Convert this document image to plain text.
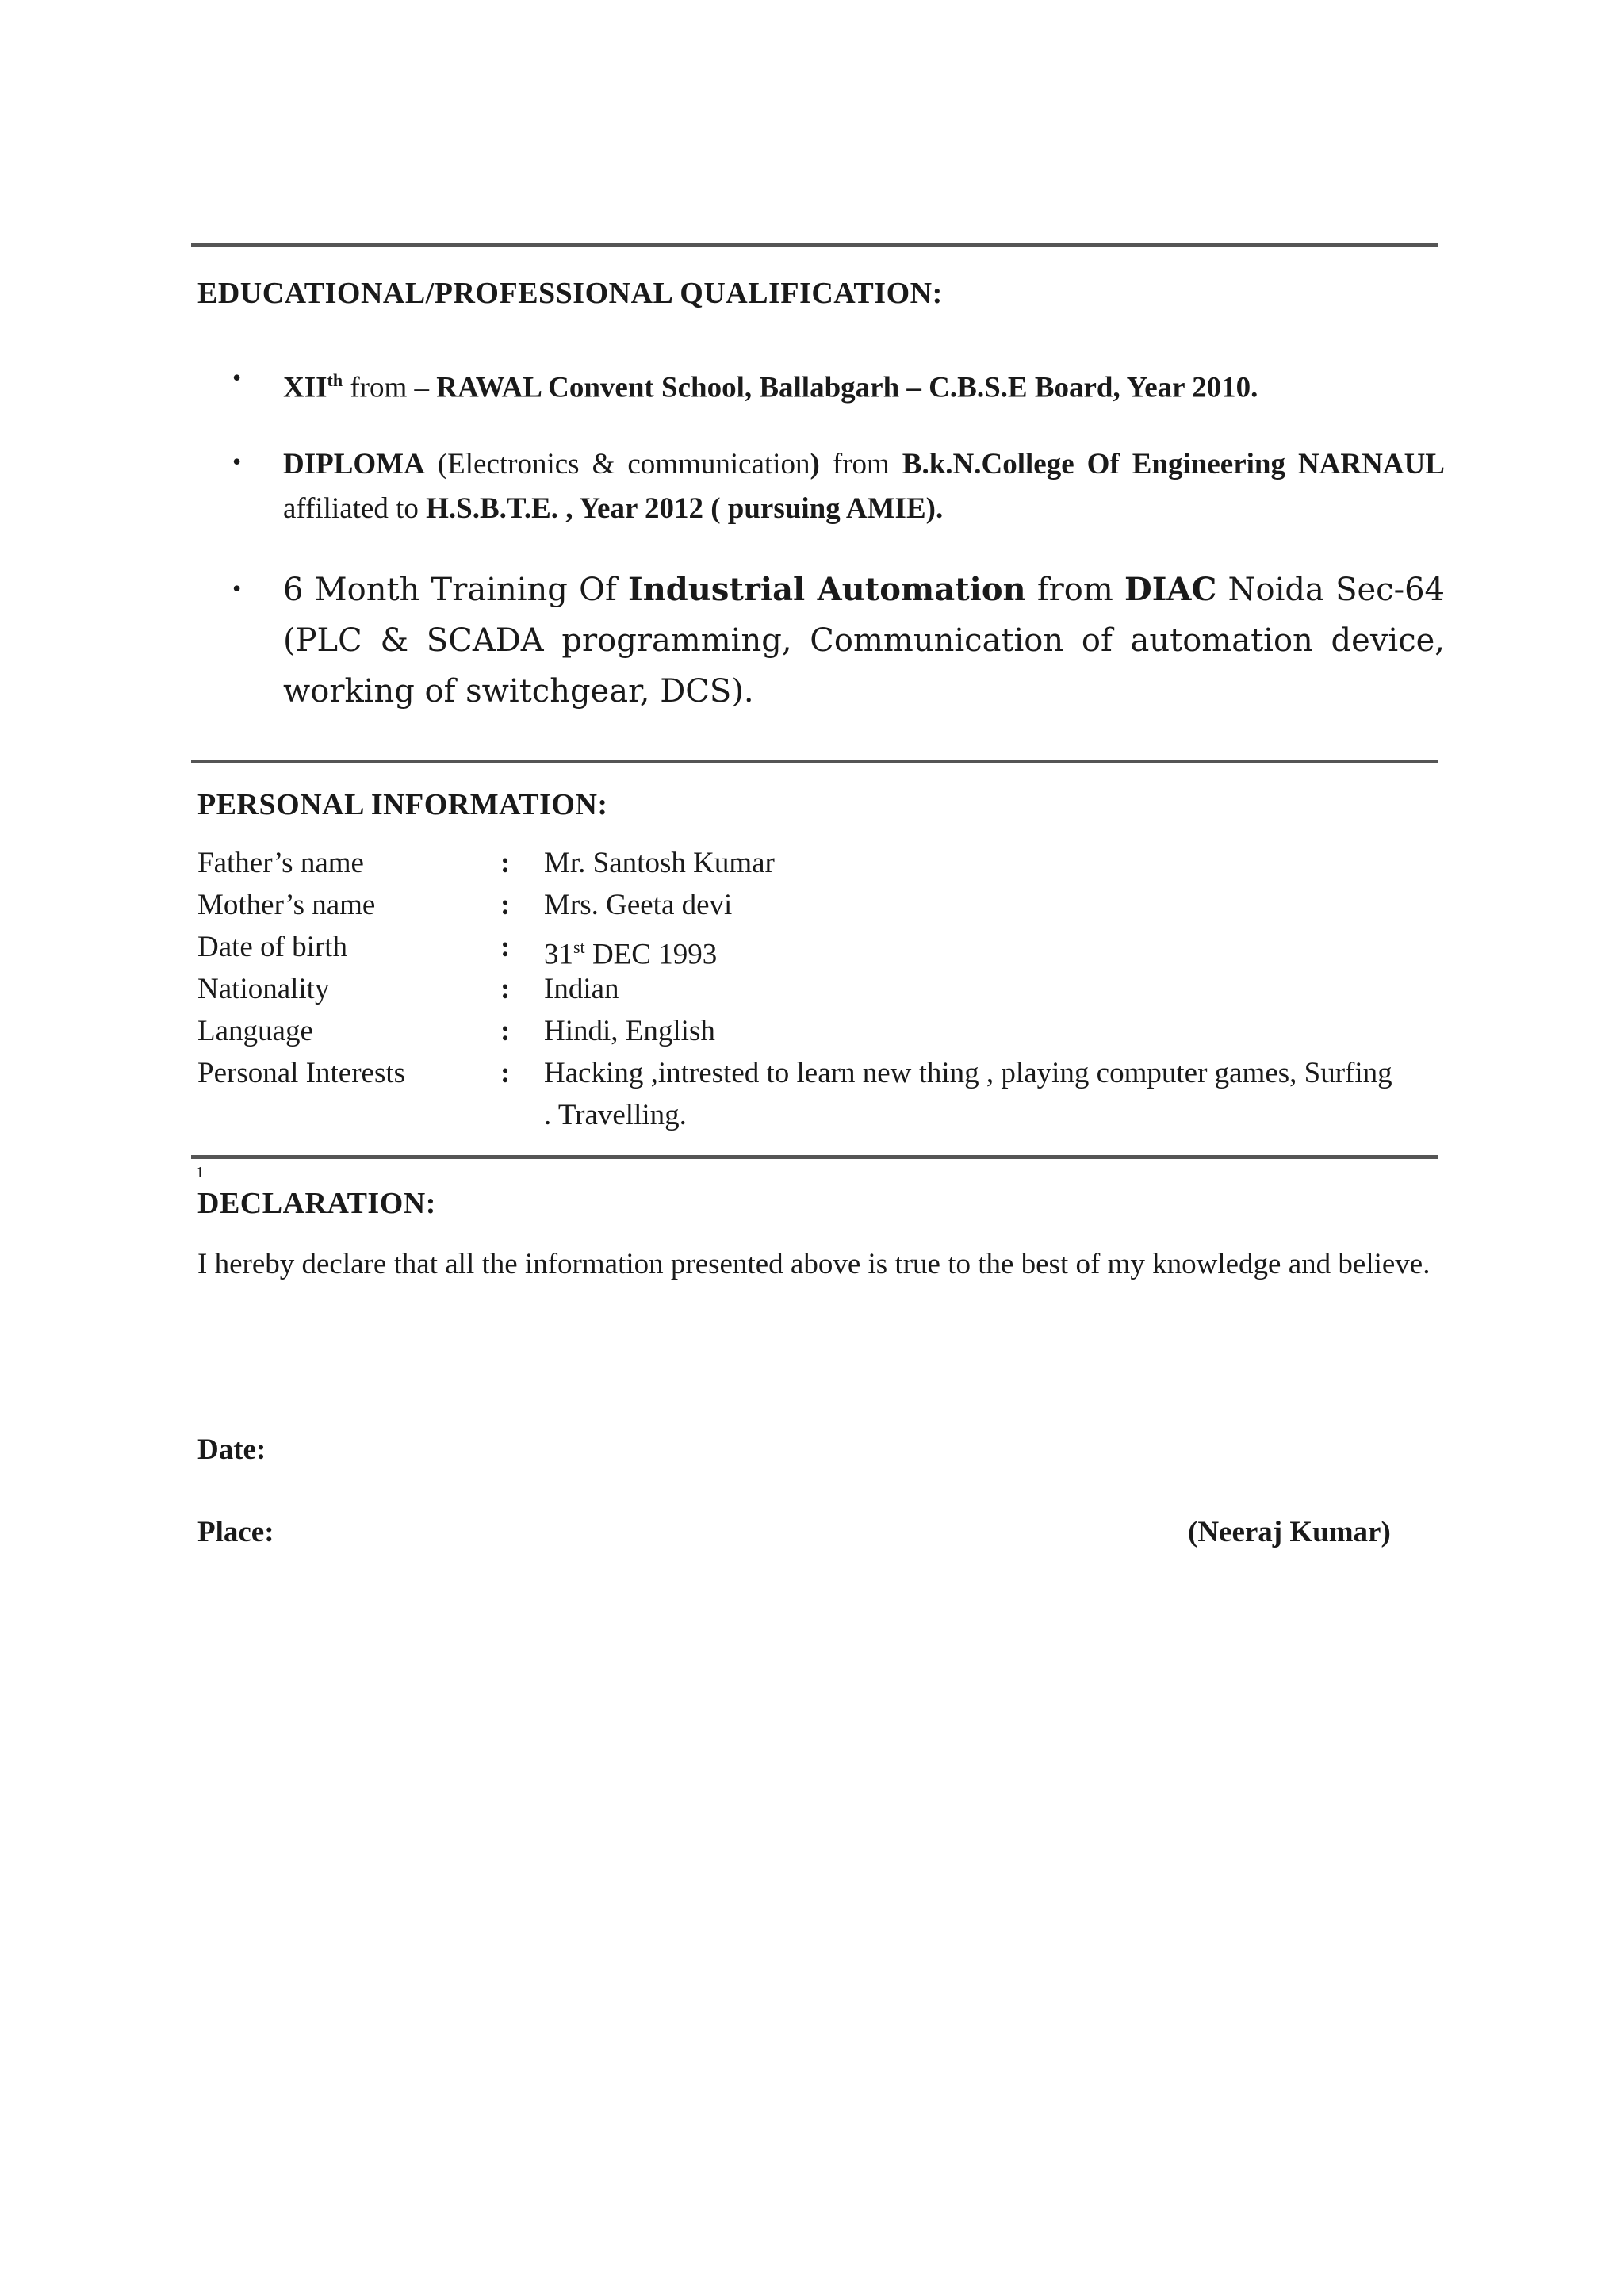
EDUCATIONAL/PROFESSIONAL QUALIFICATION:
• XIIth from – RAWAL Convent School, Ballabgarh – C.B.S.E Board, Year 2010.
• DIPLOMA (Electronics & communication) from B.k.N.College Of Engineering NARNAUL affiliated to H.S.B.T.E. , Year 2012 ( pursuing AMIE).
• 6 Month Training Of Industrial Automation from DIAC Noida Sec-64 (PLC & SCADA programming, Communication of automation device, working of switchgear, DCS).
PERSONAL INFORMATION:
Father’s name	: Mr. Santosh Kumar
Mother’s name	: Mrs. Geeta devi
Date of birth	: 31st DEC 1993
Nationality	: Indian
Language	: Hindi, English
Personal Interests	: Hacking ,intrested to learn new thing , playing computer games, Surfing . Travelling.
1
DECLARATION:
I hereby declare that all the information presented above is true to the best of my knowledge and believe.
Date:
Place:	(Neeraj Kumar)
